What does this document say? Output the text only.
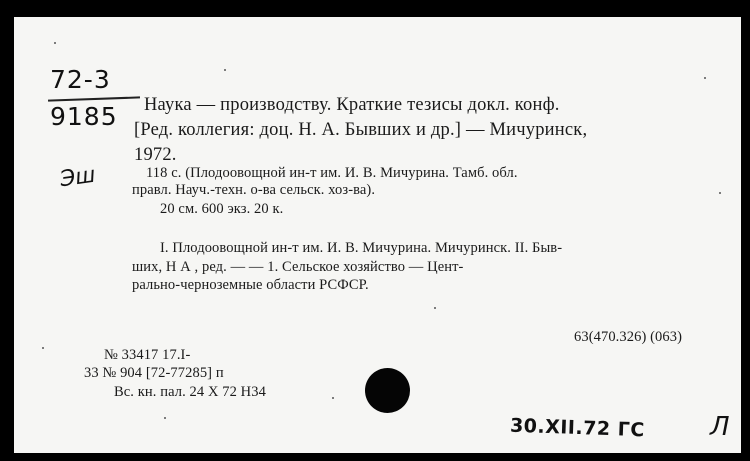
72-3
9185
Эш
Наука — производству. Краткие тезисы докл. конф.
[Ред. коллегия: доц. Н. А. Бывших и др.] — Мичуринск,
1972.
118 с. (Плодоовощной ин-т им. И. В. Мичурина. Тамб. обл.
правл. Науч.-техн. о-ва сельск. хоз-ва).
20 см. 600 экз. 20 к.
I. Плодоовощной ин-т им. И. В. Мичурина. Мичуринск. II. Быв-
ших, Н А , ред. — — 1. Сельское хозяйство — Цент-
рально-черноземные области РСФСР.
63(470.326) (063)
№ 33417 17.I-
33 № 904 [72-77285] п
Вс. кн. пал. 24 X 72 Н34
30.XII.72 ГС Л
